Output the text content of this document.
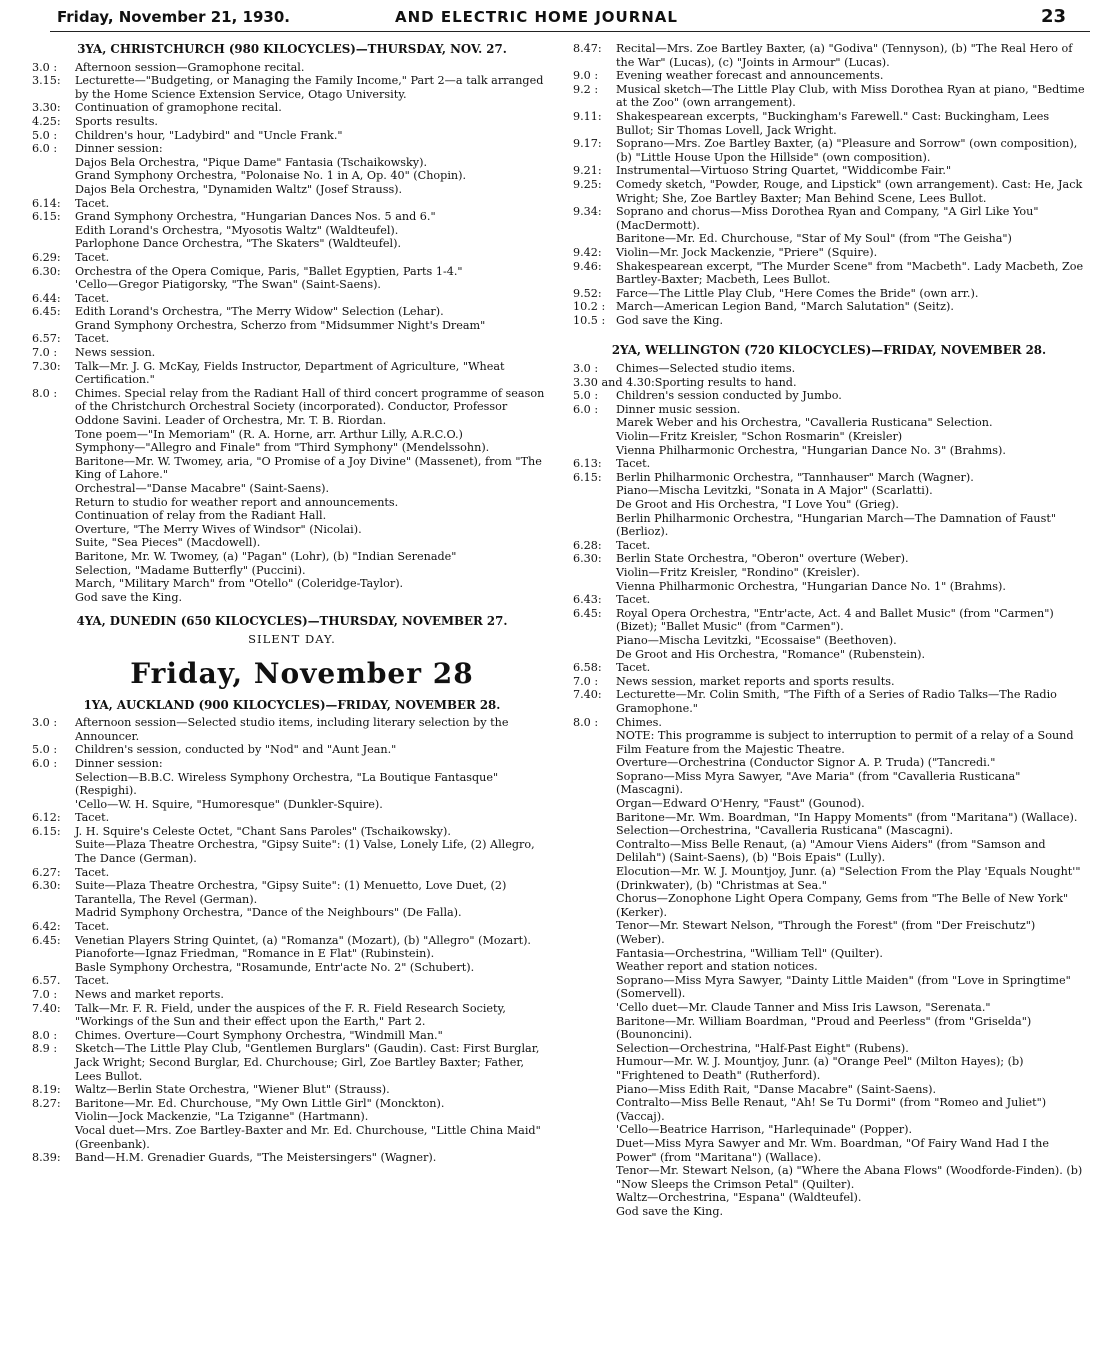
Friday, November 21, 1930.	AND ELECTRIC HOME JOURNAL	23
3YA, CHRISTCHURCH (980 KILOCYCLES)—THURSDAY, NOV. 27.
3.0 :	Afternoon session—Gramophone recital.
3.15:	Lecturette—"Budgeting, or Managing the Family Income," Part 2—a talk arranged by the Home Science Extension Service, Otago University.
3.30:	Continuation of gramophone recital.
4.25:	Sports results.
5.0 :	Children's hour, "Ladybird" and "Uncle Frank."
6.0 :	Dinner session:
Dajos Bela Orchestra, "Pique Dame" Fantasia (Tschaikowsky).
Grand Symphony Orchestra, "Polonaise No. 1 in A, Op. 40" (Chopin).
Dajos Bela Orchestra, "Dynamiden Waltz" (Josef Strauss).
6.14:	Tacet.
6.15:	Grand Symphony Orchestra, "Hungarian Dances Nos. 5 and 6."
Edith Lorand's Orchestra, "Myosotis Waltz" (Waldteufel).
Parlophone Dance Orchestra, "The Skaters" (Waldteufel).
6.29:	Tacet.
6.30:	Orchestra of the Opera Comique, Paris, "Ballet Egyptien, Parts 1-4."
'Cello—Gregor Piatigorsky, "The Swan" (Saint-Saens).
6.44:	Tacet.
6.45:	Edith Lorand's Orchestra, "The Merry Widow" Selection (Lehar).
Grand Symphony Orchestra, Scherzo from "Midsummer Night's Dream"
6.57:	Tacet.
7.0 :	News session.
7.30:	Talk—Mr. J. G. McKay, Fields Instructor, Department of Agriculture, "Wheat Certification."
8.0 :	Chimes. Special relay from the Radiant Hall of third concert programme of season of the Christchurch Orchestral Society (incorporated). Conductor, Professor Oddone Savini. Leader of Orchestra, Mr. T. B. Riordan.
Tone poem—"In Memoriam" (R. A. Horne, arr. Arthur Lilly, A.R.C.O.)
Symphony—"Allegro and Finale" from "Third Symphony" (Mendelssohn).
Baritone—Mr. W. Twomey, aria, "O Promise of a Joy Divine" (Massenet), from "The King of Lahore."
Orchestral—"Danse Macabre" (Saint-Saens).
Return to studio for weather report and announcements.
Continuation of relay from the Radiant Hall.
Overture, "The Merry Wives of Windsor" (Nicolai).
Suite, "Sea Pieces" (Macdowell).
Baritone, Mr. W. Twomey, (a) "Pagan" (Lohr), (b) "Indian Serenade"
Selection, "Madame Butterfly" (Puccini).
March, "Military March" from "Otello" (Coleridge-Taylor).
God save the King.
4YA, DUNEDIN (650 KILOCYCLES)—THURSDAY, NOVEMBER 27.
SILENT DAY.
Friday, November 28
1YA, AUCKLAND (900 KILOCYCLES)—FRIDAY, NOVEMBER 28.
3.0 :	Afternoon session—Selected studio items, including literary selection by the Announcer.
5.0 :	Children's session, conducted by "Nod" and "Aunt Jean."
6.0 :	Dinner session:
Selection—B.B.C. Wireless Symphony Orchestra, "La Boutique Fantasque" (Respighi).
'Cello—W. H. Squire, "Humoresque" (Dunkler-Squire).
6.12:	Tacet.
6.15:	J. H. Squire's Celeste Octet, "Chant Sans Paroles" (Tschaikowsky).
Suite—Plaza Theatre Orchestra, "Gipsy Suite": (1) Valse, Lonely Life, (2) Allegro, The Dance (German).
6.27:	Tacet.
6.30:	Suite—Plaza Theatre Orchestra, "Gipsy Suite": (1) Menuetto, Love Duet, (2) Tarantella, The Revel (German).
Madrid Symphony Orchestra, "Dance of the Neighbours" (De Falla).
6.42:	Tacet.
6.45:	Venetian Players String Quintet, (a) "Romanza" (Mozart), (b) "Allegro" (Mozart).
Pianoforte—Ignaz Friedman, "Romance in E Flat" (Rubinstein).
Basle Symphony Orchestra, "Rosamunde, Entr'acte No. 2" (Schubert).
6.57.	Tacet.
7.0 :	News and market reports.
7.40:	Talk—Mr. F. R. Field, under the auspices of the F. R. Field Research Society, "Workings of the Sun and their effect upon the Earth," Part 2.
8.0 :	Chimes. Overture—Court Symphony Orchestra, "Windmill Man."
8.9 :	Sketch—The Little Play Club, "Gentlemen Burglars" (Gaudin). Cast: First Burglar, Jack Wright; Second Burglar, Ed. Churchouse; Girl, Zoe Bartley Baxter; Father, Lees Bullot.
8.19:	Waltz—Berlin State Orchestra, "Wiener Blut" (Strauss).
8.27:	Baritone—Mr. Ed. Churchouse, "My Own Little Girl" (Monckton).
Violin—Jock Mackenzie, "La Tziganne" (Hartmann).
Vocal duet—Mrs. Zoe Bartley-Baxter and Mr. Ed. Churchouse, "Little China Maid" (Greenbank).
8.39:	Band—H.M. Grenadier Guards, "The Meistersingers" (Wagner).
8.47:	Recital—Mrs. Zoe Bartley Baxter, (a) "Godiva" (Tennyson), (b) "The Real Hero of the War" (Lucas), (c) "Joints in Armour" (Lucas).
9.0 :	Evening weather forecast and announcements.
9.2 :	Musical sketch—The Little Play Club, with Miss Dorothea Ryan at piano, "Bedtime at the Zoo" (own arrangement).
9.11:	Shakespearean excerpts, "Buckingham's Farewell." Cast: Buckingham, Lees Bullot; Sir Thomas Lovell, Jack Wright.
9.17:	Soprano—Mrs. Zoe Bartley Baxter, (a) "Pleasure and Sorrow" (own composition), (b) "Little House Upon the Hillside" (own composition).
9.21:	Instrumental—Virtuoso String Quartet, "Widdicombe Fair."
9.25:	Comedy sketch, "Powder, Rouge, and Lipstick" (own arrangement). Cast: He, Jack Wright; She, Zoe Bartley Baxter; Man Behind Scene, Lees Bullot.
9.34:	Soprano and chorus—Miss Dorothea Ryan and Company, "A Girl Like You" (MacDermott).
Baritone—Mr. Ed. Churchouse, "Star of My Soul" (from "The Geisha")
9.42:	Violin—Mr. Jock Mackenzie, "Priere" (Squire).
9.46:	Shakespearean excerpt, "The Murder Scene" from "Macbeth". Lady Macbeth, Zoe Bartley-Baxter; Macbeth, Lees Bullot.
9.52:	Farce—The Little Play Club, "Here Comes the Bride" (own arr.).
10.2 : March—American Legion Band, "March Salutation" (Seitz).
10.5 : God save the King.
2YA, WELLINGTON (720 KILOCYCLES)—FRIDAY, NOVEMBER 28.
3.0 :	Chimes—Selected studio items.
3.30 and 4.30: Sporting results to hand.
5.0 :	Children's session conducted by Jumbo.
6.0 :	Dinner music session.
Marek Weber and his Orchestra, "Cavalleria Rusticana" Selection.
Violin—Fritz Kreisler, "Schon Rosmarin" (Kreisler)
Vienna Philharmonic Orchestra, "Hungarian Dance No. 3" (Brahms).
6.13:	Tacet.
6.15:	Berlin Philharmonic Orchestra, "Tannhauser" March (Wagner).
Piano—Mischa Levitzki, "Sonata in A Major" (Scarlatti).
De Groot and His Orchestra, "I Love You" (Grieg).
Berlin Philharmonic Orchestra, "Hungarian March—The Damnation of Faust" (Berlioz).
6.28:	Tacet.
6.30:	Berlin State Orchestra, "Oberon" overture (Weber).
Violin—Fritz Kreisler, "Rondino" (Kreisler).
Vienna Philharmonic Orchestra, "Hungarian Dance No. 1" (Brahms).
6.43:	Tacet.
6.45:	Royal Opera Orchestra, "Entr'acte, Act. 4 and Ballet Music" (from "Carmen") (Bizet); "Ballet Music" (from "Carmen").
Piano—Mischa Levitzki, "Ecossaise" (Beethoven).
De Groot and His Orchestra, "Romance" (Rubenstein).
6.58:	Tacet.
7.0 :	News session, market reports and sports results.
7.40:	Lecturette—Mr. Colin Smith, "The Fifth of a Series of Radio Talks—The Radio Gramophone."
8.0 :	Chimes.
NOTE: This programme is subject to interruption to permit of a relay of a Sound Film Feature from the Majestic Theatre.
Overture—Orchestrina (Conductor Signor A. P. Truda) ("Tancredi."
Soprano—Miss Myra Sawyer, "Ave Maria" (from "Cavalleria Rusticana" (Mascagni).
Organ—Edward O'Henry, "Faust" (Gounod).
Baritone—Mr. Wm. Boardman, "In Happy Moments" (from "Maritana") (Wallace).
Selection—Orchestrina, "Cavalleria Rusticana" (Mascagni).
Contralto—Miss Belle Renaut, (a) "Amour Viens Aiders" (from "Samson and Delilah") (Saint-Saens), (b) "Bois Epais" (Lully).
Elocution—Mr. W. J. Mountjoy, Junr. (a) "Selection From the Play 'Equals Nought'" (Drinkwater), (b) "Christmas at Sea."
Chorus—Zonophone Light Opera Company, Gems from "The Belle of New York" (Kerker).
Tenor—Mr. Stewart Nelson, "Through the Forest" (from "Der Freischutz") (Weber).
Fantasia—Orchestrina, "William Tell" (Quilter).
Weather report and station notices.
Soprano—Miss Myra Sawyer, "Dainty Little Maiden" (from "Love in Springtime" (Somervell).
'Cello duet—Mr. Claude Tanner and Miss Iris Lawson, "Serenata."
Baritone—Mr. William Boardman, "Proud and Peerless" (from "Griselda") (Bounoncini).
Selection—Orchestrina, "Half-Past Eight" (Rubens).
Humour—Mr. W. J. Mountjoy, Junr. (a) "Orange Peel" (Milton Hayes); (b) "Frightened to Death" (Rutherford).
Piano—Miss Edith Rait, "Danse Macabre" (Saint-Saens).
Contralto—Miss Belle Renaut, "Ah! Se Tu Dormi" (from "Romeo and Juliet") (Vaccaj).
'Cello—Beatrice Harrison, "Harlequinade" (Popper).
Duet—Miss Myra Sawyer and Mr. Wm. Boardman, "Of Fairy Wand Had I the Power" (from "Maritana") (Wallace).
Tenor—Mr. Stewart Nelson, (a) "Where the Abana Flows" (Woodforde-Finden). (b) "Now Sleeps the Crimson Petal" (Quilter).
Waltz—Orchestrina, "Espana" (Waldteufel).
God save the King.
